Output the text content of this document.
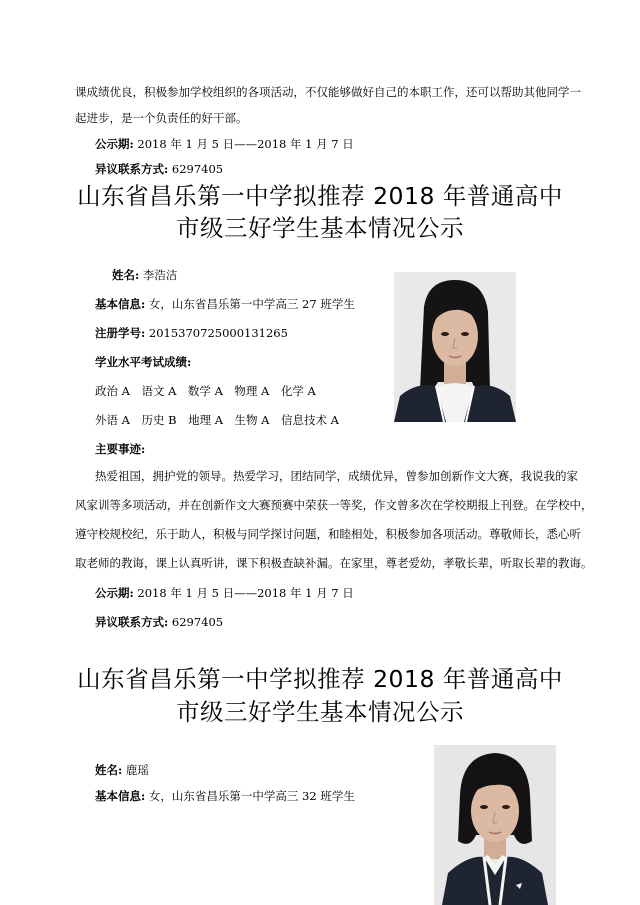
课成绩优良，积极参加学校组织的各项活动，不仅能够做好自己的本职工作，还可以帮助其他同学一
起进步，是一个负责任的好干部。
公示期: 2018 年 1 月 5 日——2018 年 1 月 7 日
异议联系方式: 6297405
山东省昌乐第一中学拟推荐 2018 年普通高中
市级三好学生基本情况公示
姓名: 李浩洁
基本信息: 女，山东省昌乐第一中学高三 27 班学生
注册学号: 2015370725000131265
学业水平考试成绩:
政治 A　语文 A　数学 A　物理 A　化学 A
外语 A　历史 B　地理 A　生物 A　信息技术 A
主要事迹:
热爱祖国，拥护党的领导。热爱学习，团结同学，成绩优异，曾参加创新作文大赛，我说我的家
风家训等多项活动，并在创新作文大赛预赛中荣获一等奖，作文曾多次在学校期报上刊登。在学校中，
遵守校规校纪，乐于助人，积极与同学探讨问题，和睦相处，积极参加各项活动。尊敬师长，悉心听
取老师的教诲，课上认真听讲，课下积极查缺补漏。在家里，尊老爱幼，孝敬长辈，听取长辈的教诲。
公示期: 2018 年 1 月 5 日——2018 年 1 月 7 日
异议联系方式: 6297405
山东省昌乐第一中学拟推荐 2018 年普通高中
市级三好学生基本情况公示
姓名: 鹿瑶
基本信息: 女，山东省昌乐第一中学高三 32 班学生
